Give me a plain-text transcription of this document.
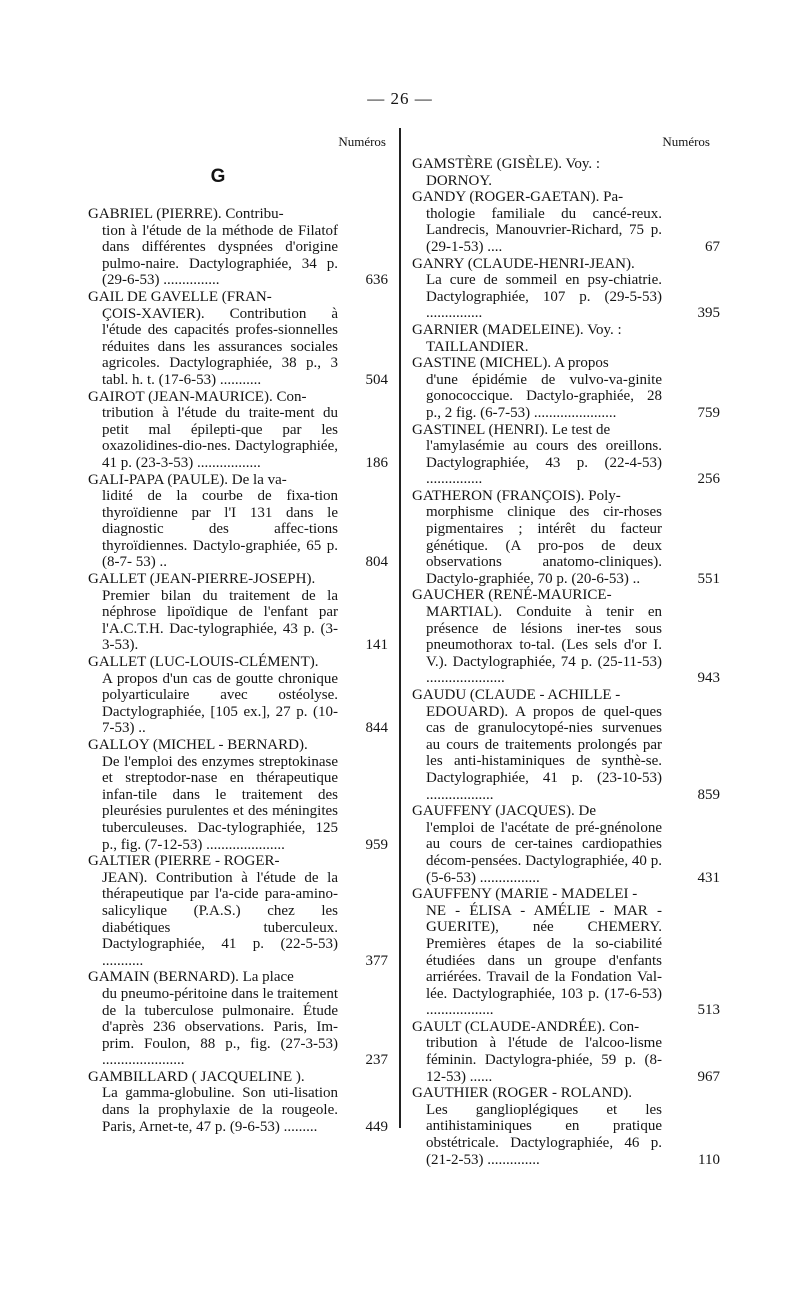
— 26 —
Numéros
G
GABRIEL (PIERRE). Contribu-
tion à l'étude de la méthode de Filatof dans différentes dyspnées d'origine pulmo-naire. Dactylographiée, 34 p. (29-6-53) ...............	636
GAIL DE GAVELLE (FRAN-
ÇOIS-XAVIER). Contribution à l'étude des capacités profes-sionnelles réduites dans les assurances sociales agricoles. Dactylographiée, 38 p., 3 tabl. h. t. (17-6-53) ...........	504
GAIROT (JEAN-MAURICE). Con-
tribution à l'étude du traite-ment du petit mal épilepti-que par les oxazolidines-dio-nes. Dactylographiée, 41 p. (23-3-53) .................	186
GALI-PAPA (PAULE). De la va-
lidité de la courbe de fixa-tion thyroïdienne par l'I 131 dans le diagnostic des affec-tions thyroïdiennes. Dactylo-graphiée, 65 p. (8-7- 53) ..	804
GALLET (JEAN-PIERRE-JOSEPH).
Premier bilan du traitement de la néphrose lipoïdique de l'enfant par l'A.C.T.H. Dac-tylographiée, 43 p. (3-3-53).	141
GALLET (LUC-LOUIS-CLÉMENT).
A propos d'un cas de goutte chronique polyarticulaire avec ostéolyse. Dactylographiée, [105 ex.], 27 p. (10-7-53) ..	844
GALLOY (MICHEL - BERNARD).
De l'emploi des enzymes streptokinase et streptodor-nase en thérapeutique infan-tile dans le traitement des pleurésies purulentes et des méningites tuberculeuses. Dac-tylographiée, 125 p., fig. (7-12-53) .....................	959
GALTIER (PIERRE - ROGER-
JEAN). Contribution à l'étude de la thérapeutique par l'a-cide para-amino-salicylique (P.A.S.) chez les diabétiques tuberculeux. Dactylographiée, 41 p. (22-5-53) ...........	377
GAMAIN (BERNARD). La place
du pneumo-péritoine dans le traitement de la tuberculose pulmonaire. Étude d'après 236 observations. Paris, Im-prim. Foulon, 88 p., fig. (27-3-53) ......................	237
GAMBILLARD ( JACQUELINE ).
La gamma-globuline. Son uti-lisation dans la prophylaxie de la rougeole. Paris, Arnet-te, 47 p. (9-6-53) .........	449
Numéros
GAMSTÈRE (GISÈLE). Voy. :
DORNOY.
GANDY (ROGER-GAETAN). Pa-
thologie familiale du cancé-reux. Landrecis, Manouvrier-Richard, 75 p. (29-1-53) ....	67
GANRY (CLAUDE-HENRI-JEAN).
La cure de sommeil en psy-chiatrie. Dactylographiée, 107 p. (29-5-53) ...............	395
GARNIER (MADELEINE). Voy. :
TAILLANDIER.
GASTINE (MICHEL). A propos
d'une épidémie de vulvo-va-ginite gonococcique. Dactylo-graphiée, 28 p., 2 fig. (6-7-53) ......................	759
GASTINEL (HENRI). Le test de
l'amylasémie au cours des oreillons. Dactylographiée, 43 p. (22-4-53) ...............	256
GATHERON (FRANÇOIS). Poly-
morphisme clinique des cir-rhoses pigmentaires ; intérêt du facteur génétique. (A pro-pos de deux observations anatomo-cliniques). Dactylo-graphiée, 70 p. (20-6-53) ..	551
GAUCHER (RENÉ-MAURICE-
MARTIAL). Conduite à tenir en présence de lésions iner-tes sous pneumothorax to-tal. (Les sels d'or I. V.). Dactylographiée, 74 p. (25-11-53) .....................	943
GAUDU (CLAUDE - ACHILLE -
EDOUARD). A propos de quel-ques cas de granulocytopé-nies survenues au cours de traitements prolongés par les anti-histaminiques de synthè-se. Dactylographiée, 41 p. (23-10-53) ..................	859
GAUFFENY (JACQUES). De
l'emploi de l'acétate de pré-gnénolone au cours de cer-taines cardiopathies décom-pensées. Dactylographiée, 40 p. (5-6-53) ................	431
GAUFFENY (MARIE - MADELEI -
NE - ÉLISA - AMÉLIE - MAR - GUERITE), née CHEMERY. Premières étapes de la so-ciabilité étudiées dans un groupe d'enfants arriérées. Travail de la Fondation Val-lée. Dactylographiée, 103 p. (17-6-53) ..................	513
GAULT (CLAUDE-ANDRÉE). Con-
tribution à l'étude de l'alcoo-lisme féminin. Dactylogra-phiée, 59 p. (8-12-53) ......	967
GAUTHIER (ROGER - ROLAND).
Les ganglioplégiques et les antihistaminiques en pratique obstétricale. Dactylographiée, 46 p. (21-2-53) ..............	110
